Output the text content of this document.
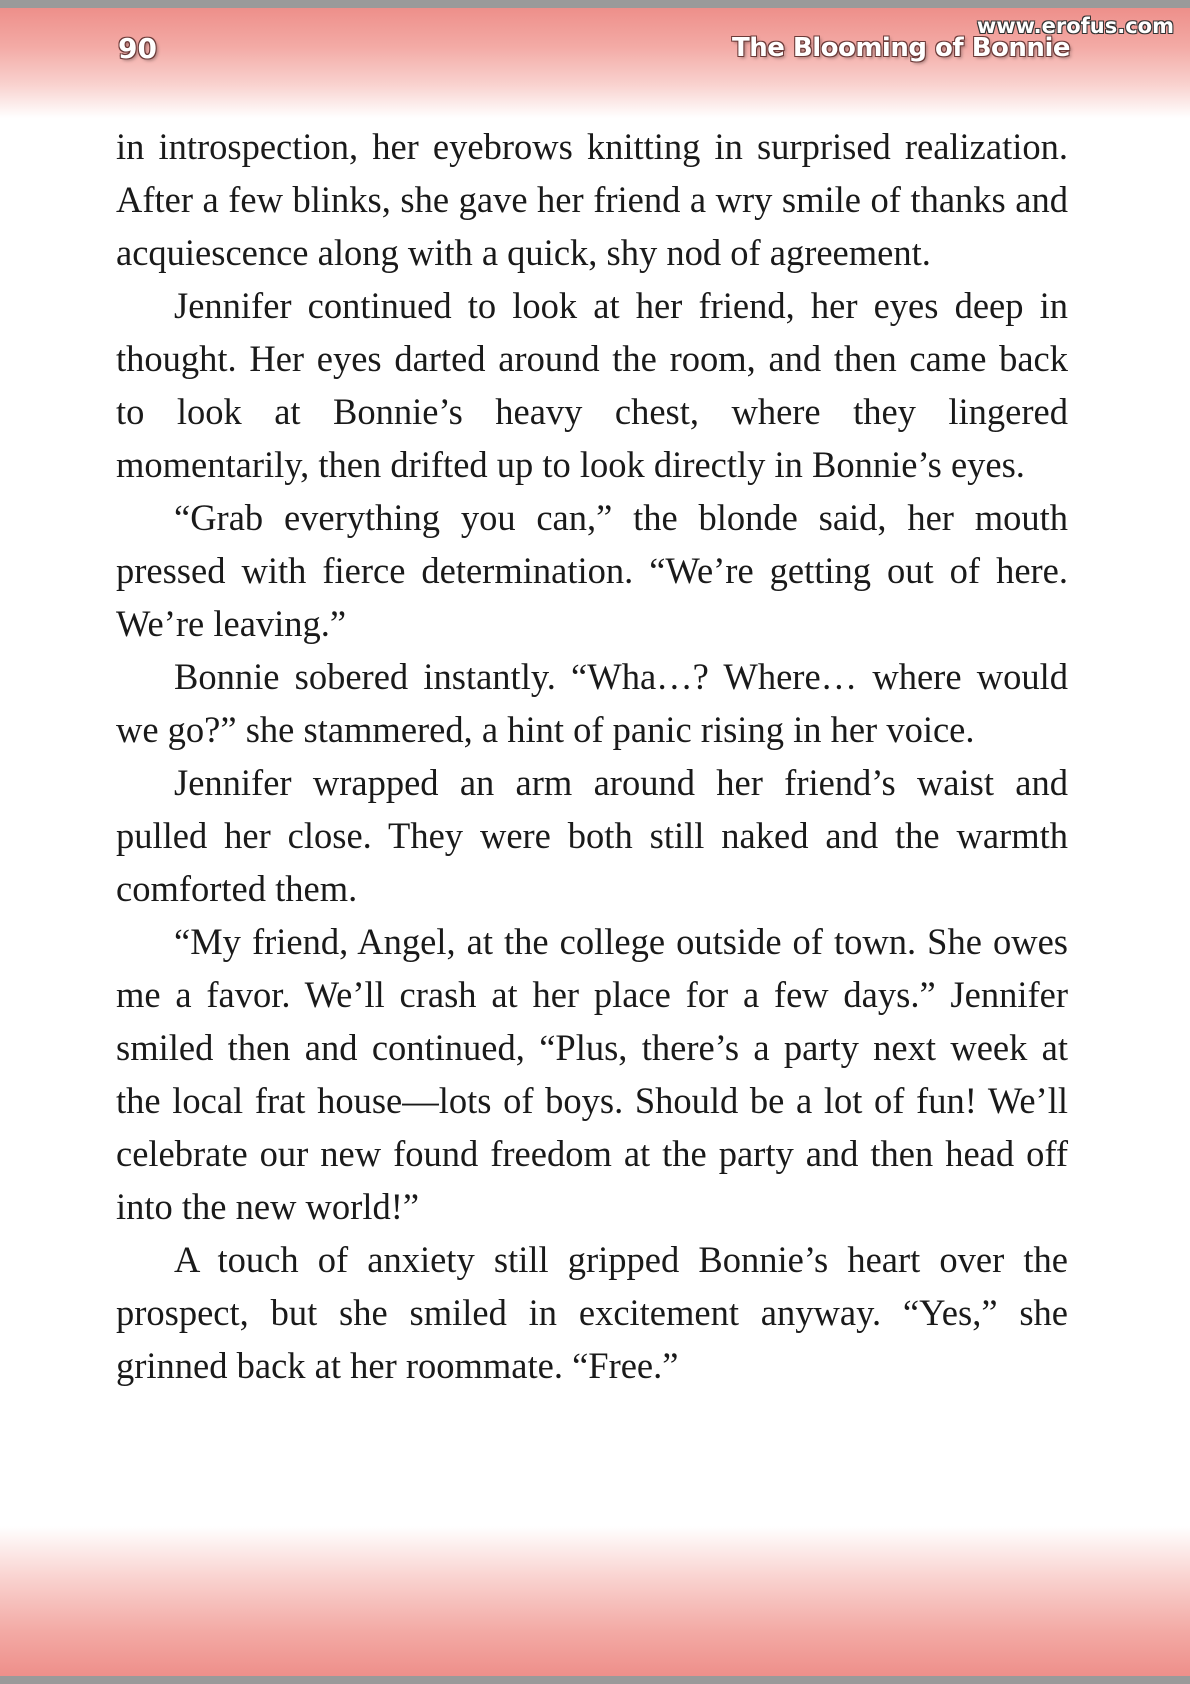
90	The Blooming of Bonnie
www.erofus.com

in introspection, her eyebrows knitting in surprised realization. After a few blinks, she gave her friend a wry smile of thanks and acquiescence along with a quick, shy nod of agreement.

Jennifer continued to look at her friend, her eyes deep in thought. Her eyes darted around the room, and then came back to look at Bonnie’s heavy chest, where they lingered momentarily, then drifted up to look directly in Bonnie’s eyes.

“Grab everything you can,” the blonde said, her mouth pressed with fierce determination. “We’re getting out of here. We’re leaving.”

Bonnie sobered instantly. “Wha…? Where… where would we go?” she stammered, a hint of panic rising in her voice.

Jennifer wrapped an arm around her friend’s waist and pulled her close. They were both still naked and the warmth comforted them.

“My friend, Angel, at the college outside of town. She owes me a favor. We’ll crash at her place for a few days.” Jennifer smiled then and continued, “Plus, there’s a party next week at the local frat house—lots of boys. Should be a lot of fun! We’ll celebrate our new found freedom at the party and then head off into the new world!”

A touch of anxiety still gripped Bonnie’s heart over the prospect, but she smiled in excitement anyway. “Yes,” she grinned back at her roommate. “Free.”
